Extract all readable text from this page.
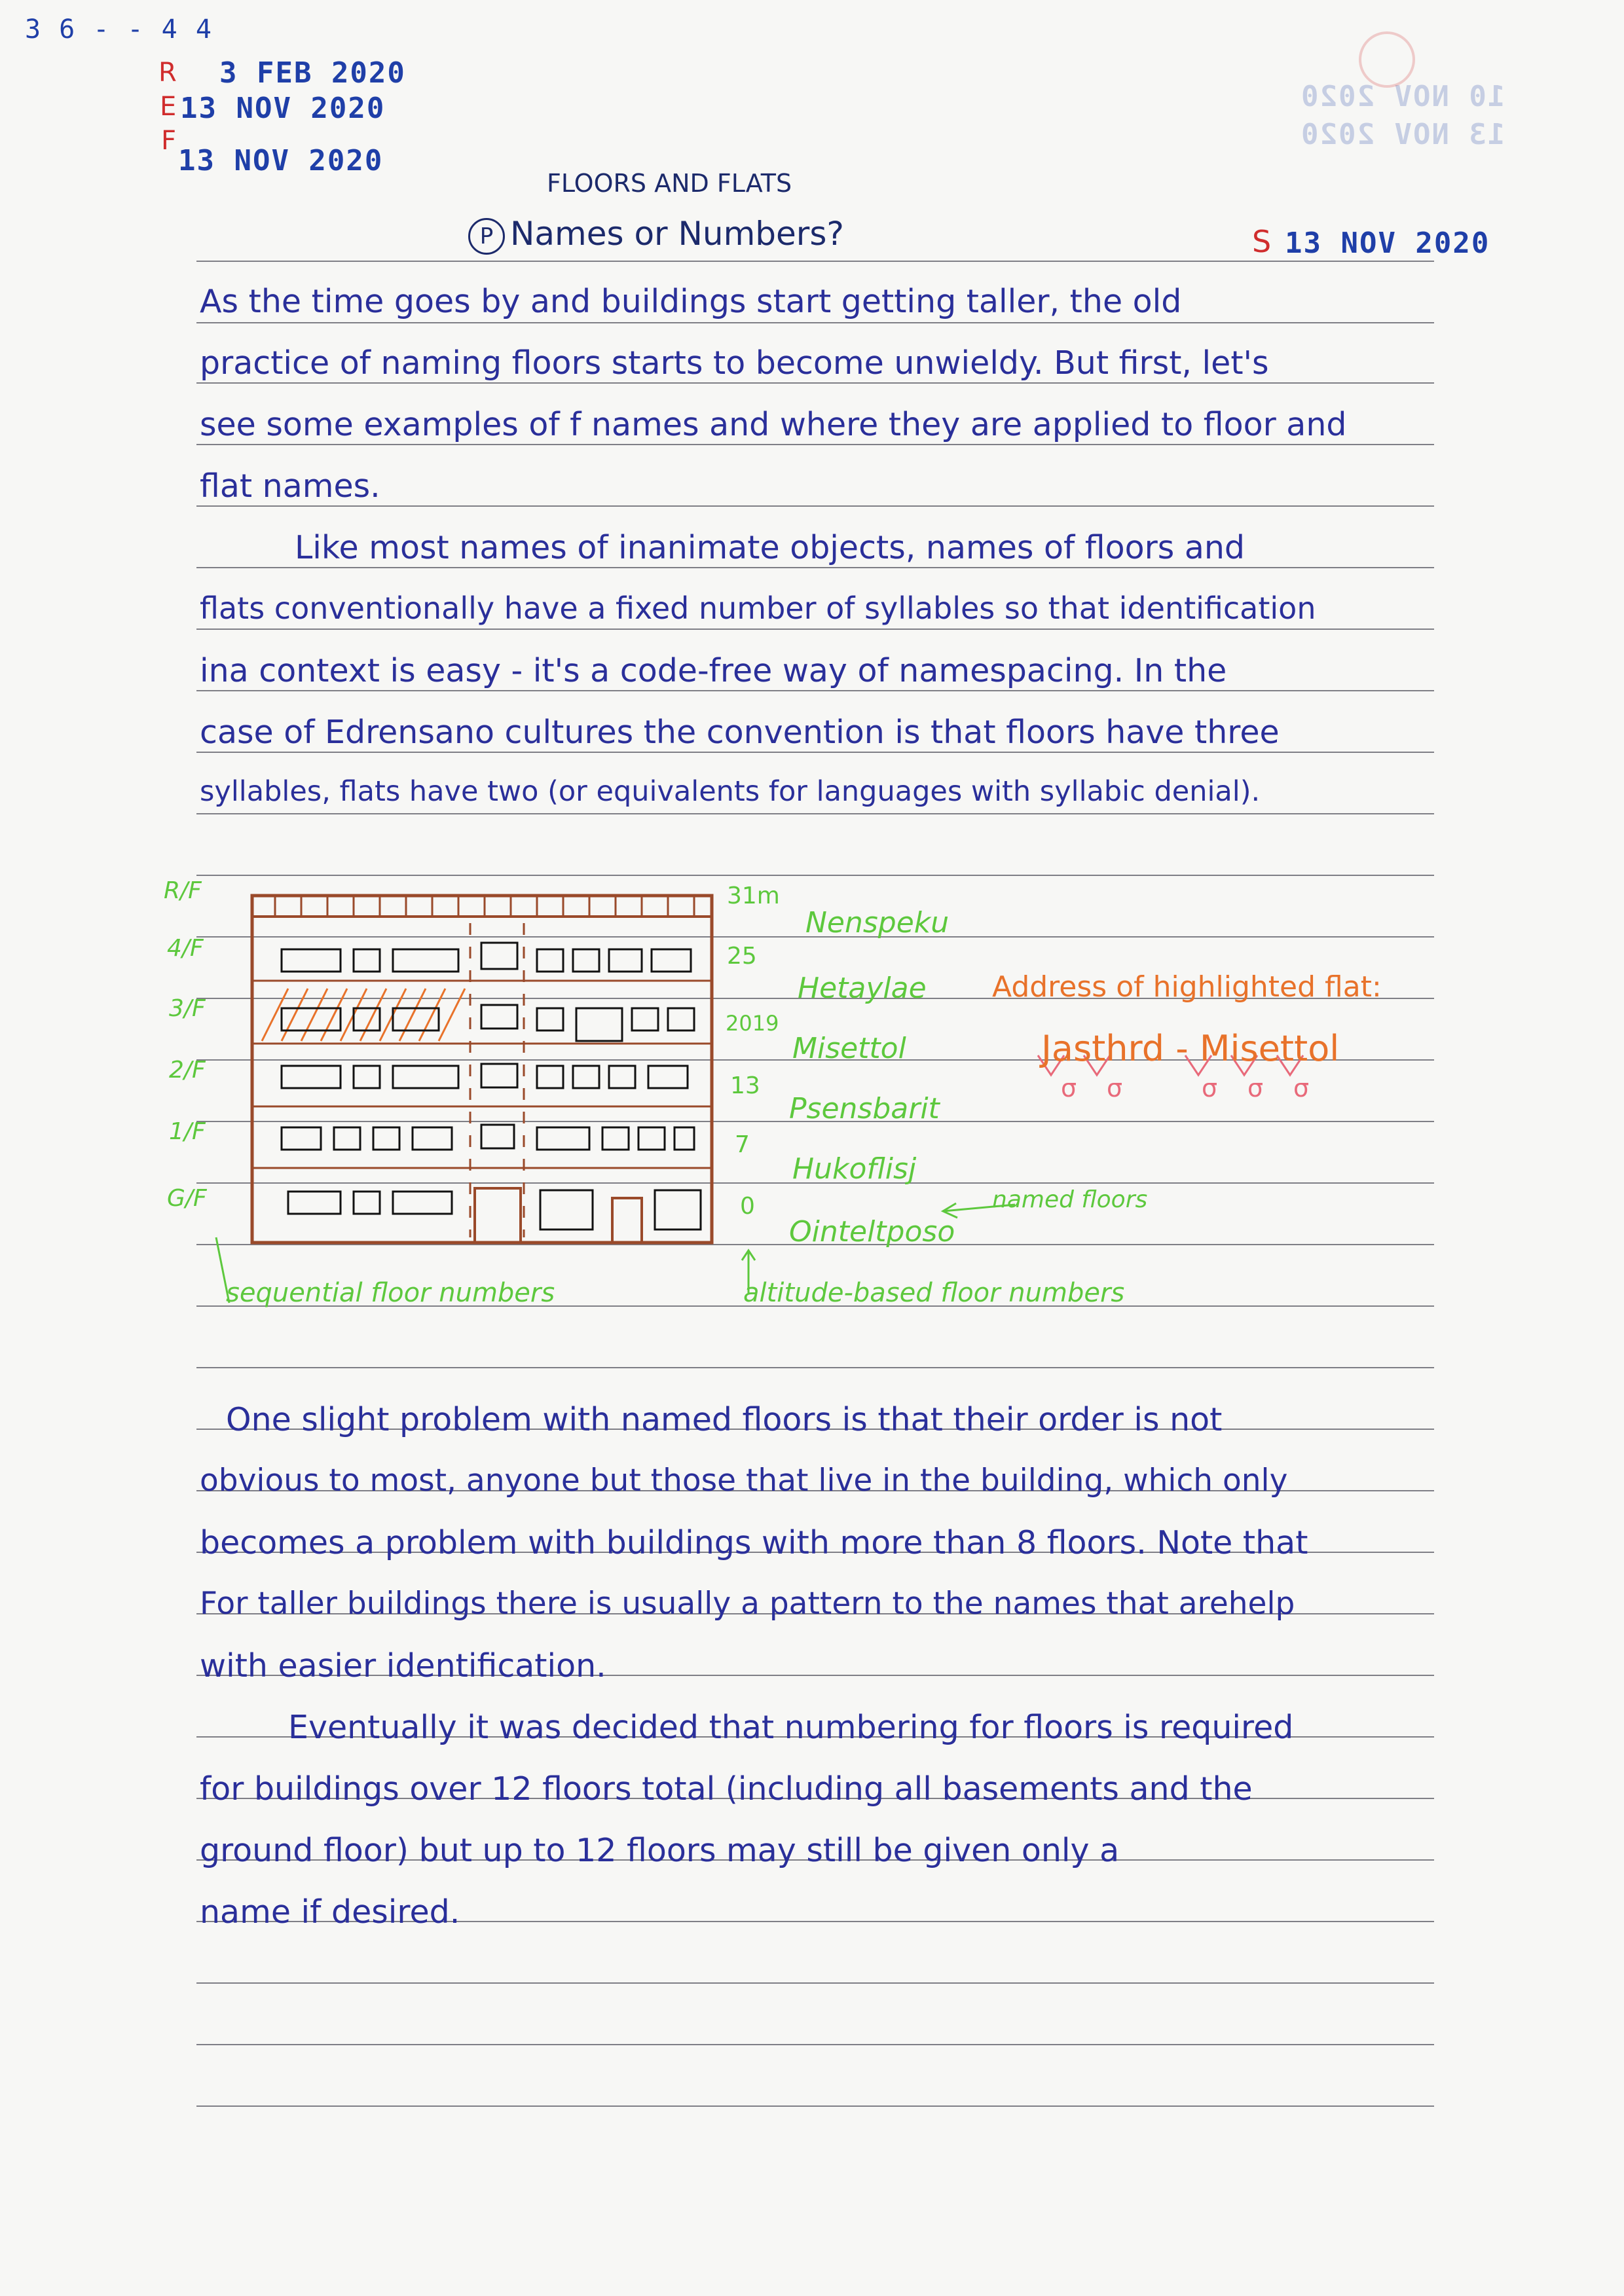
3 6 - - 4 4
R
E
F
3 FEB 2020
13 NOV 2020
13 NOV 2020
10 NOV 2020
13 NOV 2020
FLOORS AND FLATS
P Names or Numbers?	S 13 NOV 2020
As the time goes by and buildings start getting taller, the old
practice of naming floors starts to become unwieldy. But first, let's
see some examples of f names and where they are applied to floor and
flat names.
Like most names of inanimate objects, names of floors and
flats conventionally have a fixed number of syllables so that identification
ina context is easy - it's a code-free way of namespacing. In the
case of Edrensano cultures the convention is that floors have three
syllables, flats have two (or equivalents for languages with syllabic denial).
R/F
4/F
3/F
2/F
1/F
G/F
31m
25
2019
13
7
0
Nenspeku
Hetaylae
Misettol
Psensbarit
Hukoflisj
Ointeltposo
Address of highlighted flat:
Jasthrd - Misettol
σ σ	σ σ σ
named floors
sequential floor numbers	altitude-based floor numbers
One slight problem with named floors is that their order is not
obvious to most, anyone but those that live in the building, which only
becomes a problem with buildings with more than 8 floors. Note that
For taller buildings there is usually a pattern to the names that arehelp
with easier identification.
Eventually it was decided that numbering for floors is required
for buildings over 12 floors total (including all basements and the
ground floor) but up to 12 floors may still be given only a
name if desired.
